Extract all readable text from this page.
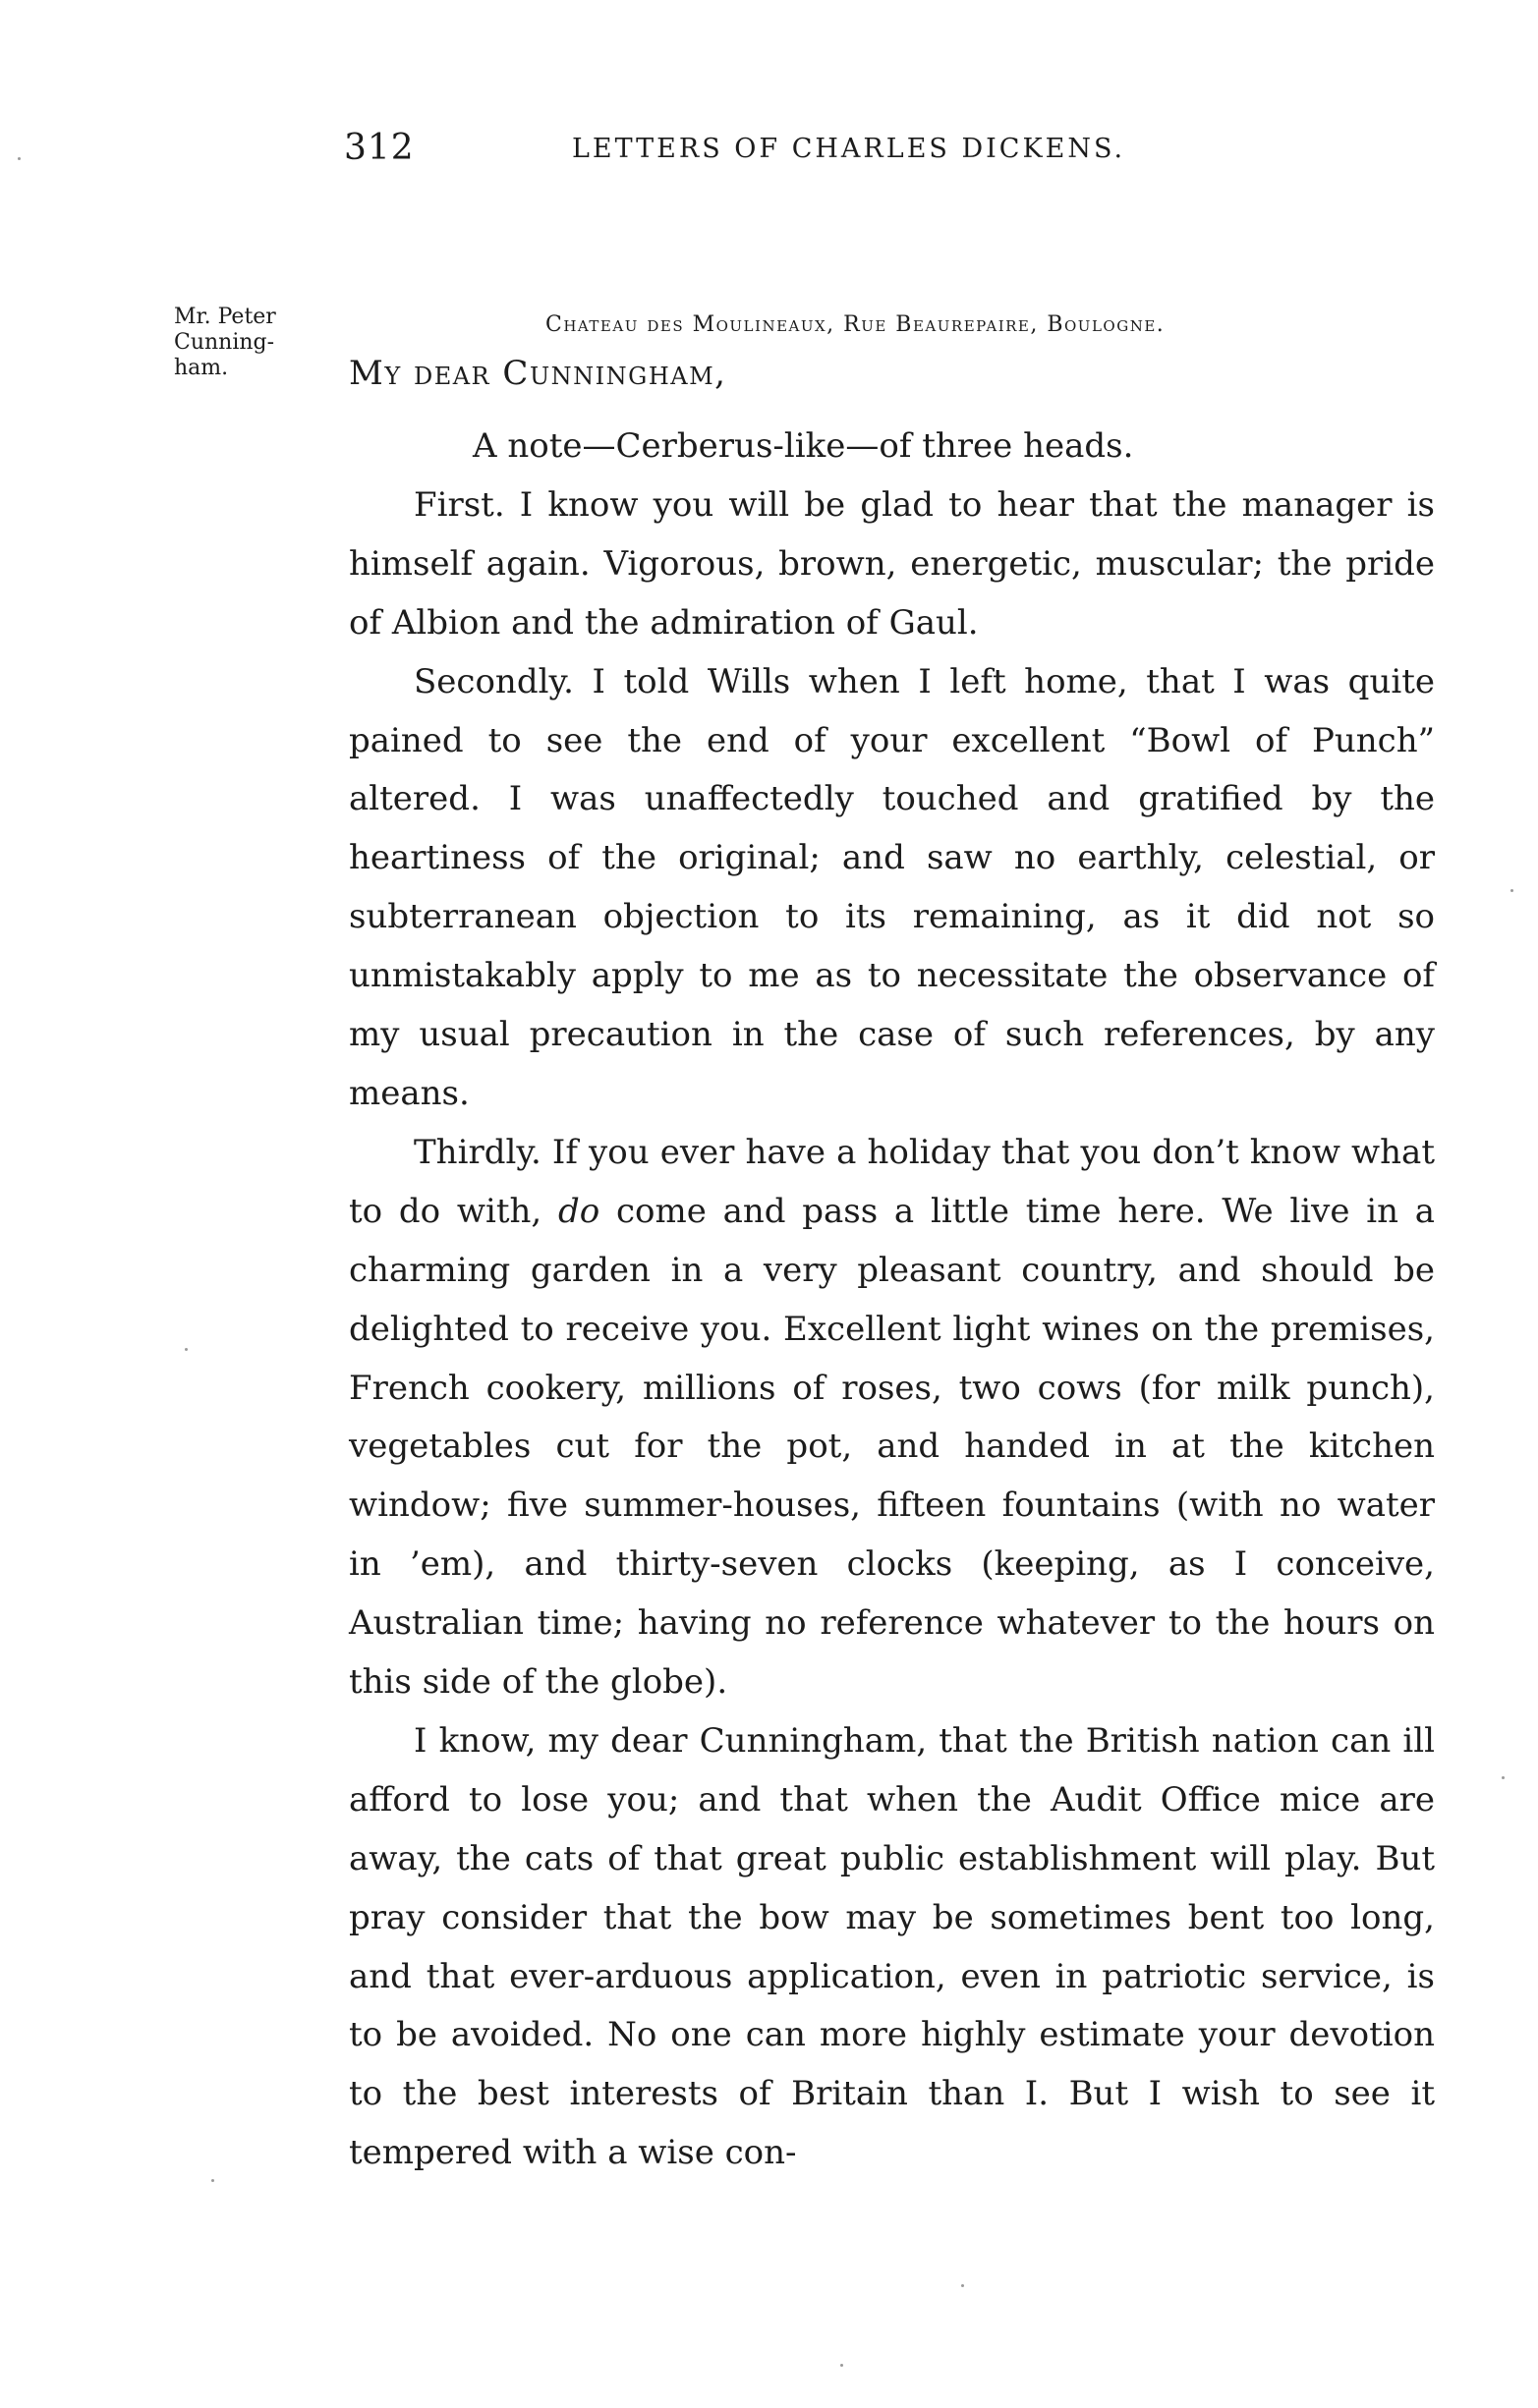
312	LETTERS OF CHARLES DICKENS.
Mr. Peter
Cunning-
ham.
Chateau des Moulineaux, Rue Beaurepaire, Boulogne.
My dear Cunningham,

A note—Cerberus-like—of three heads.

First. I know you will be glad to hear that the manager is himself again. Vigorous, brown, energetic, muscular; the pride of Albion and the admiration of Gaul.

Secondly. I told Wills when I left home, that I was quite pained to see the end of your excellent “Bowl of Punch” altered. I was unaffectedly touched and gratified by the heartiness of the original; and saw no earthly, celestial, or subterranean objection to its remaining, as it did not so unmistakably apply to me as to necessitate the observance of my usual precaution in the case of such references, by any means.

Thirdly. If you ever have a holiday that you don’t know what to do with, do come and pass a little time here. We live in a charming garden in a very pleasant country, and should be delighted to receive you. Excellent light wines on the premises, French cookery, millions of roses, two cows (for milk punch), vegetables cut for the pot, and handed in at the kitchen window; five summer-houses, fifteen fountains (with no water in ’em), and thirty-seven clocks (keeping, as I conceive, Australian time; having no reference whatever to the hours on this side of the globe).

I know, my dear Cunningham, that the British nation can ill afford to lose you; and that when the Audit Office mice are away, the cats of that great public establishment will play. But pray consider that the bow may be sometimes bent too long, and that ever-arduous application, even in patriotic service, is to be avoided. No one can more highly estimate your devotion to the best interests of Britain than I. But I wish to see it tempered with a wise con-
